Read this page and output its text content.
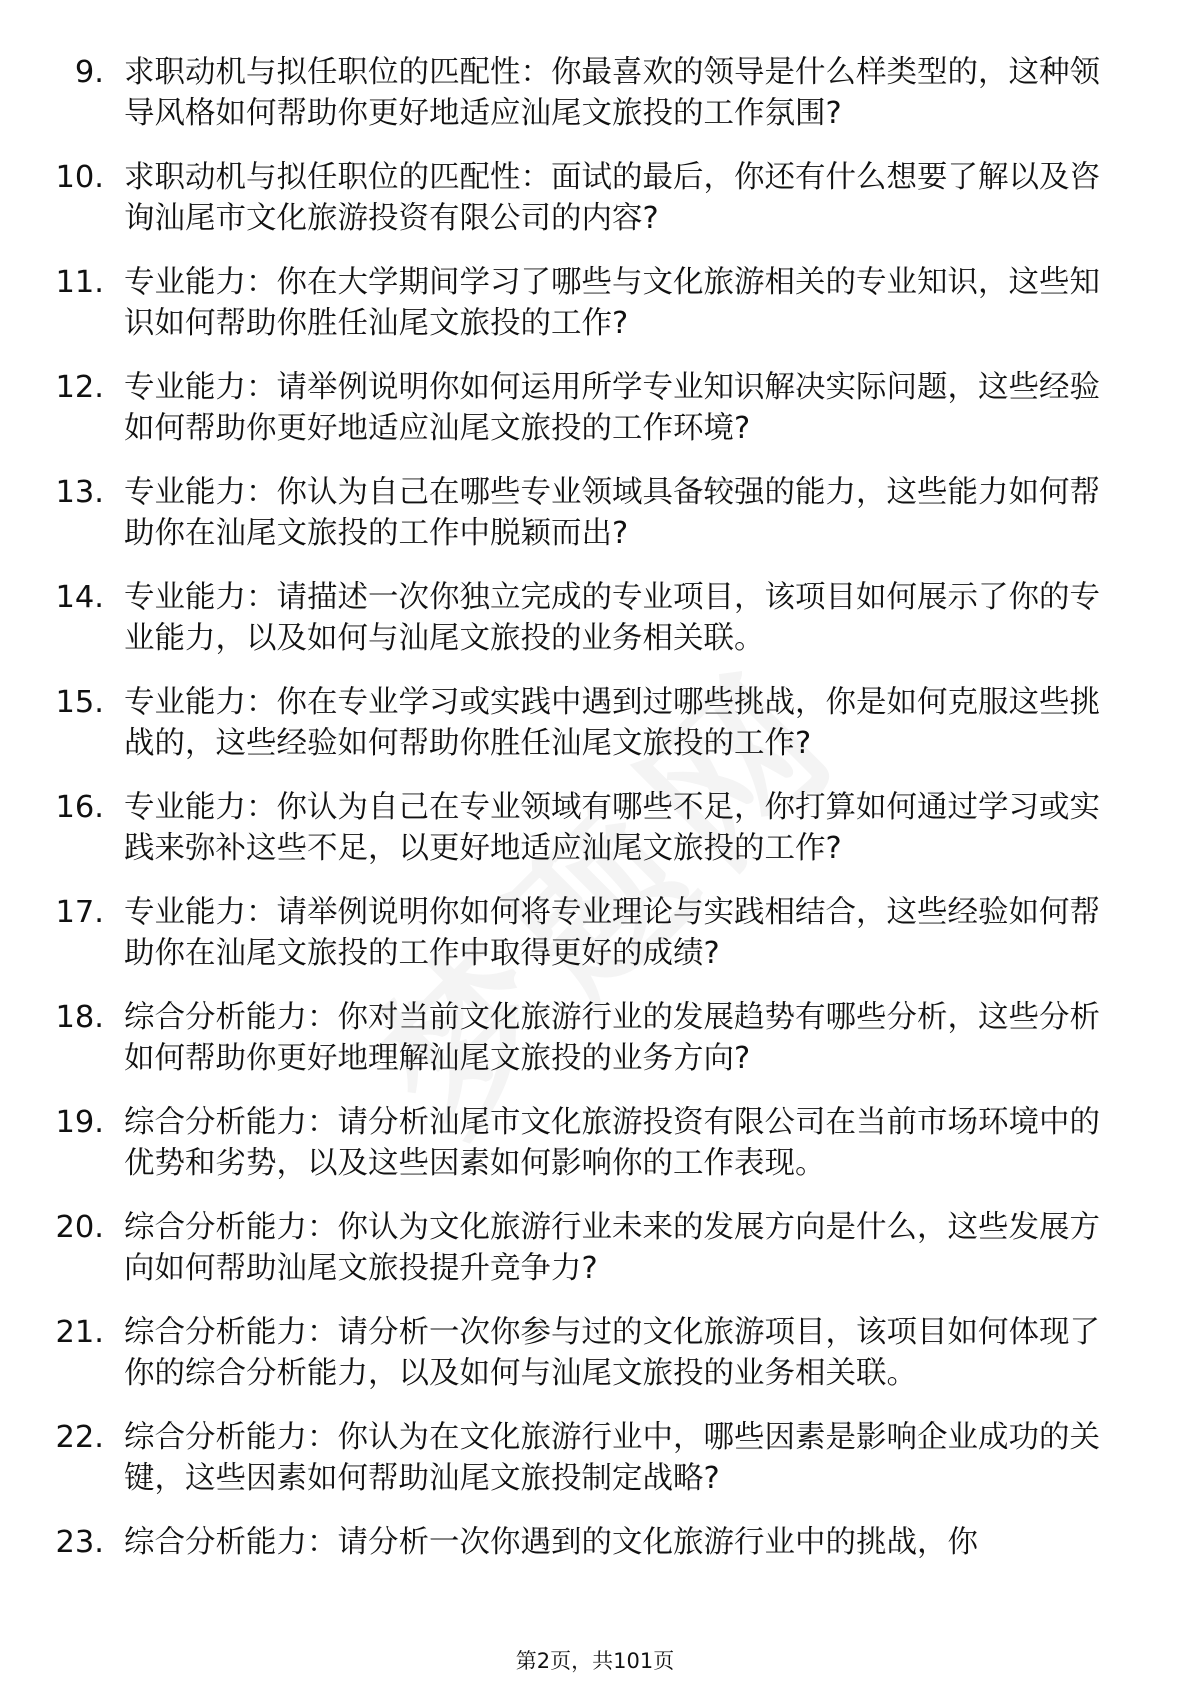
9. 求职动机与拟任职位的匹配性：你最喜欢的领导是什么样类型的，这种领导风格如何帮助你更好地适应汕尾文旅投的工作氛围?
10. 求职动机与拟任职位的匹配性：面试的最后，你还有什么想要了解以及咨询汕尾市文化旅游投资有限公司的内容?
11. 专业能力：你在大学期间学习了哪些与文化旅游相关的专业知识，这些知识如何帮助你胜任汕尾文旅投的工作?
12. 专业能力：请举例说明你如何运用所学专业知识解决实际问题，这些经验如何帮助你更好地适应汕尾文旅投的工作环境?
13. 专业能力：你认为自己在哪些专业领域具备较强的能力，这些能力如何帮助你在汕尾文旅投的工作中脱颖而出?
14. 专业能力：请描述一次你独立完成的专业项目，该项目如何展示了你的专业能力，以及如何与汕尾文旅投的业务相关联。
15. 专业能力：你在专业学习或实践中遇到过哪些挑战，你是如何克服这些挑战的，这些经验如何帮助你胜任汕尾文旅投的工作?
16. 专业能力：你认为自己在专业领域有哪些不足，你打算如何通过学习或实践来弥补这些不足，以更好地适应汕尾文旅投的工作?
17. 专业能力：请举例说明你如何将专业理论与实践相结合，这些经验如何帮助你在汕尾文旅投的工作中取得更好的成绩?
18. 综合分析能力：你对当前文化旅游行业的发展趋势有哪些分析，这些分析如何帮助你更好地理解汕尾文旅投的业务方向?
19. 综合分析能力：请分析汕尾市文化旅游投资有限公司在当前市场环境中的优势和劣势，以及这些因素如何影响你的工作表现。
20. 综合分析能力：你认为文化旅游行业未来的发展方向是什么，这些发展方向如何帮助汕尾文旅投提升竞争力?
21. 综合分析能力：请分析一次你参与过的文化旅游项目，该项目如何体现了你的综合分析能力，以及如何与汕尾文旅投的业务相关联。
22. 综合分析能力：你认为在文化旅游行业中，哪些因素是影响企业成功的关键，这些因素如何帮助汕尾文旅投制定战略?
23. 综合分析能力：请分析一次你遇到的文化旅游行业中的挑战，你
第2页，共101页
